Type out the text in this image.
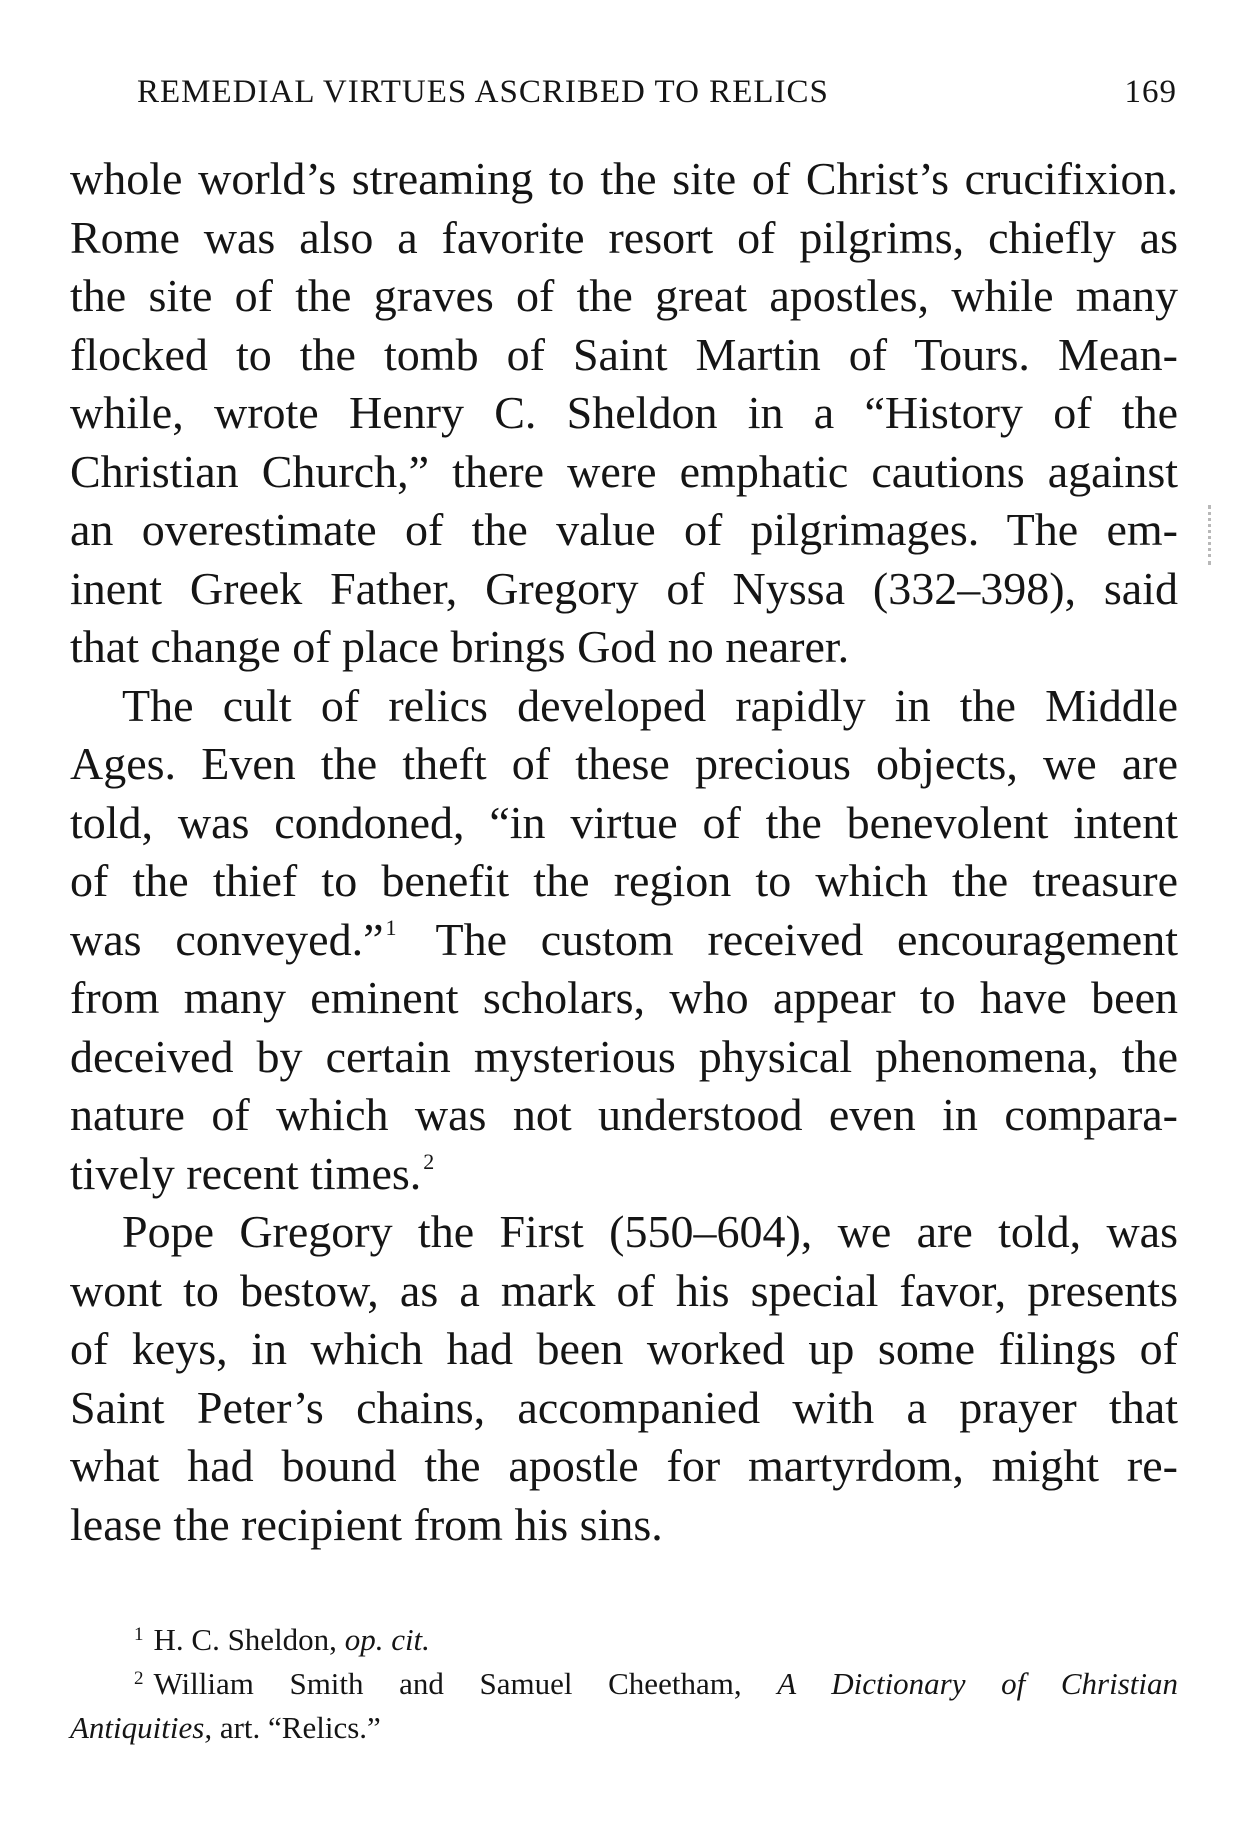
REMEDIAL VIRTUES ASCRIBED TO RELICS	169
whole world’s streaming to the site of Christ’s crucifixion.
Rome was also a favorite resort of pilgrims, chiefly as
the site of the graves of the great apostles, while many
flocked to the tomb of Saint Martin of Tours. Mean-
while, wrote Henry C. Sheldon in a “History of the
Christian Church,” there were emphatic cautions against
an overestimate of the value of pilgrimages. The em-
inent Greek Father, Gregory of Nyssa (332–398), said
that change of place brings God no nearer.
The cult of relics developed rapidly in the Middle
Ages. Even the theft of these precious objects, we are
told, was condoned, “in virtue of the benevolent intent
of the thief to benefit the region to which the treasure
was conveyed.”$^1$ The custom received encouragement
from many eminent scholars, who appear to have been
deceived by certain mysterious physical phenomena, the
nature of which was not understood even in compara-
tively recent times.$^2$
Pope Gregory the First (550–604), we are told, was
wont to bestow, as a mark of his special favor, presents
of keys, in which had been worked up some filings of
Saint Peter’s chains, accompanied with a prayer that
what had bound the apostle for martyrdom, might re-
lease the recipient from his sins.
$^1$ H. C. Sheldon, op. cit.
$^2$ William Smith and Samuel Cheetham, A Dictionary of Christian
Antiquities, art. “Relics.”
